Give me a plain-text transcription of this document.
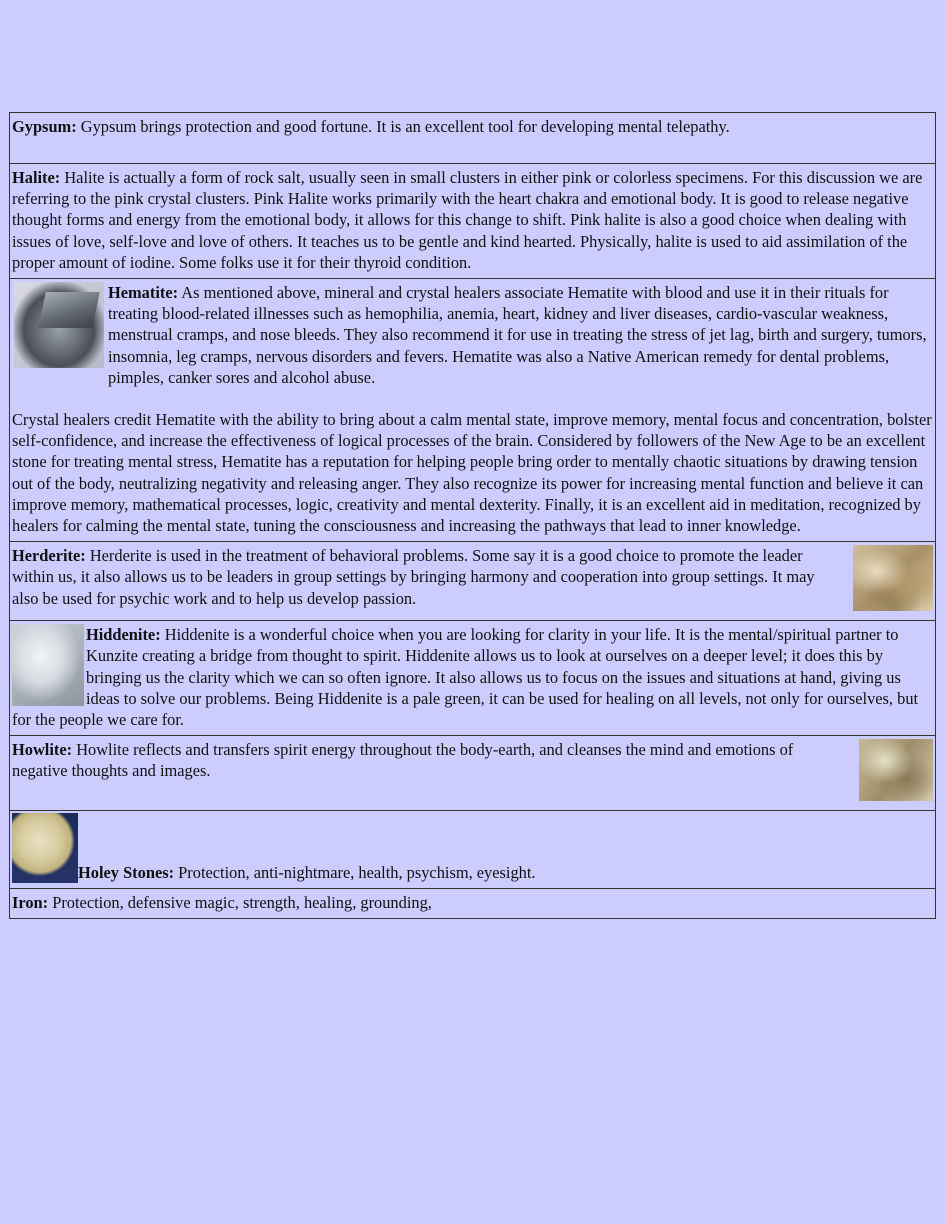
Gypsum: Gypsum brings protection and good fortune. It is an excellent tool for developing mental telepathy.
Halite: Halite is actually a form of rock salt, usually seen in small clusters in either pink or colorless specimens. For this discussion we are referring to the pink crystal clusters. Pink Halite works primarily with the heart chakra and emotional body. It is good to release negative thought forms and energy from the emotional body, it allows for this change to shift. Pink halite is also a good choice when dealing with issues of love, self-love and love of others. It teaches us to be gentle and kind hearted. Physically, halite is used to aid assimilation of the proper amount of iodine. Some folks use it for their thyroid condition.

Hematite: As mentioned above, mineral and crystal healers associate Hematite with blood and use it in their rituals for treating blood-related illnesses such as hemophilia, anemia, heart, kidney and liver diseases, cardio-vascular weakness, menstrual cramps, and nose bleeds. They also recommend it for use in treating the stress of jet lag, birth and surgery, tumors, insomnia, leg cramps, nervous disorders and fevers. Hematite was also a Native American remedy for dental problems, pimples, canker sores and alcohol abuse.

Crystal healers credit Hematite with the ability to bring about a calm mental state, improve memory, mental focus and concentration, bolster self-confidence, and increase the effectiveness of logical processes of the brain. Considered by followers of the New Age to be an excellent stone for treating mental stress, Hematite has a reputation for helping people bring order to mentally chaotic situations by drawing tension out of the body, neutralizing negativity and releasing anger. They also recognize its power for increasing mental function and believe it can improve memory, mathematical processes, logic, creativity and mental dexterity. Finally, it is an excellent aid in meditation, recognized by healers for calming the mental state, tuning the consciousness and increasing the pathways that lead to inner knowledge.

Herderite: Herderite is used in the treatment of behavioral problems. Some say it is a good choice to promote the leader within us, it also allows us to be leaders in group settings by bringing harmony and cooperation into group settings. It may also be used for psychic work and to help us develop passion.

Hiddenite: Hiddenite is a wonderful choice when you are looking for clarity in your life. It is the mental/spiritual partner to Kunzite creating a bridge from thought to spirit. Hiddenite allows us to look at ourselves on a deeper level; it does this by bringing us the clarity which we can so often ignore. It also allows us to focus on the issues and situations at hand, giving us ideas to solve our problems. Being Hiddenite is a pale green, it can be used for healing on all levels, not only for ourselves, but for the people we care for.

Howlite: Howlite reflects and transfers spirit energy throughout the body-earth, and cleanses the mind and emotions of negative thoughts and images.

Holey Stones: Protection, anti-nightmare, health, psychism, eyesight.

Iron: Protection, defensive magic, strength, healing, grounding,
